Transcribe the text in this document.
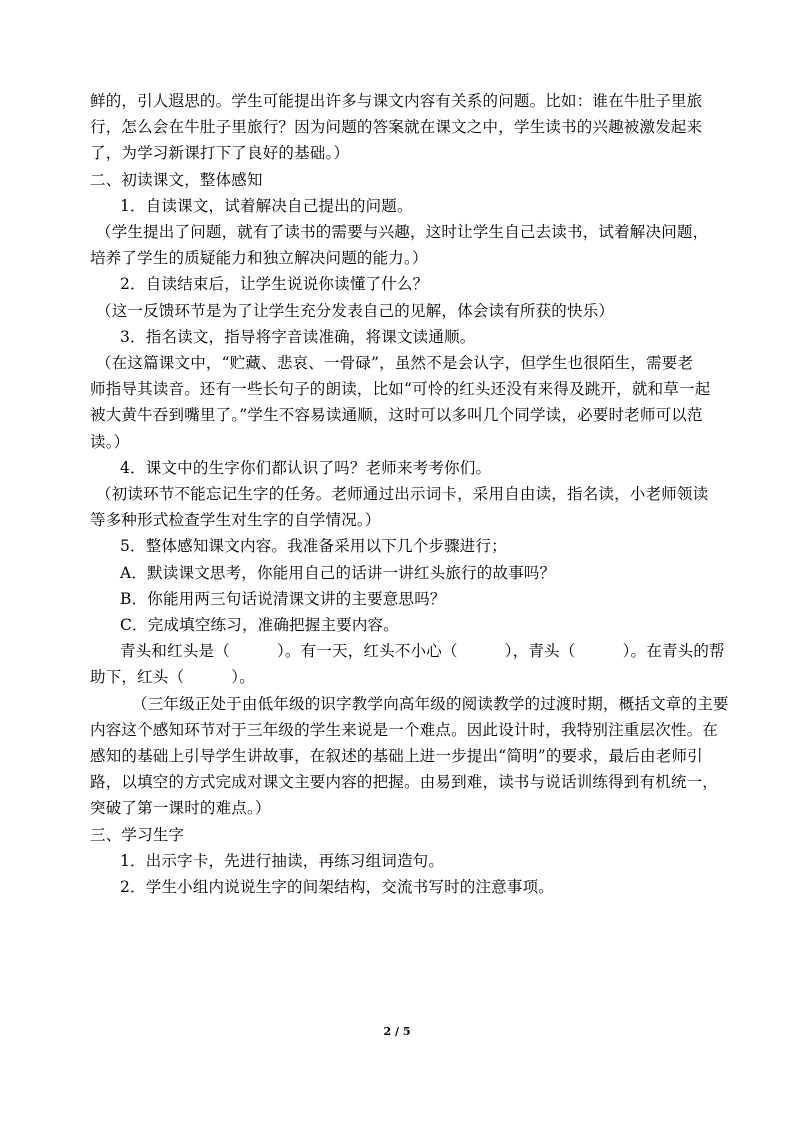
鲜的，引人遐思的。学生可能提出许多与课文内容有关系的问题。比如：谁在牛肚子里旅
行，怎么会在牛肚子里旅行？因为问题的答案就在课文之中，学生读书的兴趣被激发起来
了，为学习新课打下了良好的基础。）
二、初读课文，整体感知
1．自读课文，试着解决自己提出的问题。
（学生提出了问题，就有了读书的需要与兴趣，这时让学生自己去读书，试着解决问题，
培养了学生的质疑能力和独立解决问题的能力。）
2．自读结束后，让学生说说你读懂了什么？
（这一反馈环节是为了让学生充分发表自己的见解，体会读有所获的快乐）
3．指名读文，指导将字音读准确，将课文读通顺。
（在这篇课文中，“贮藏、悲哀、一骨碌”，虽然不是会认字，但学生也很陌生，需要老
师指导其读音。还有一些长句子的朗读，比如“可怜的红头还没有来得及跳开，就和草一起
被大黄牛吞到嘴里了。”学生不容易读通顺，这时可以多叫几个同学读，必要时老师可以范
读。）
4．课文中的生字你们都认识了吗？老师来考考你们。
（初读环节不能忘记生字的任务。老师通过出示词卡，采用自由读，指名读，小老师领读
等多种形式检查学生对生字的自学情况。）
5．整体感知课文内容。我准备采用以下几个步骤进行；
A．默读课文思考，你能用自己的话讲一讲红头旅行的故事吗？
B．你能用两三句话说清课文讲的主要意思吗？
C．完成填空练习，准确把握主要内容。
青头和红头是（　　　）。有一天，红头不小心（　　　），青头（　　　）。在青头的帮
助下，红头（　　　）。
（三年级正处于由低年级的识字教学向高年级的阅读教学的过渡时期，概括文章的主要
内容这个感知环节对于三年级的学生来说是一个难点。因此设计时，我特别注重层次性。在
感知的基础上引导学生讲故事，在叙述的基础上进一步提出“简明”的要求，最后由老师引
路，以填空的方式完成对课文主要内容的把握。由易到难，读书与说话训练得到有机统一，
突破了第一课时的难点。）
三、学习生字
1．出示字卡，先进行抽读，再练习组词造句。
2．学生小组内说说生字的间架结构，交流书写时的注意事项。
2 / 5
